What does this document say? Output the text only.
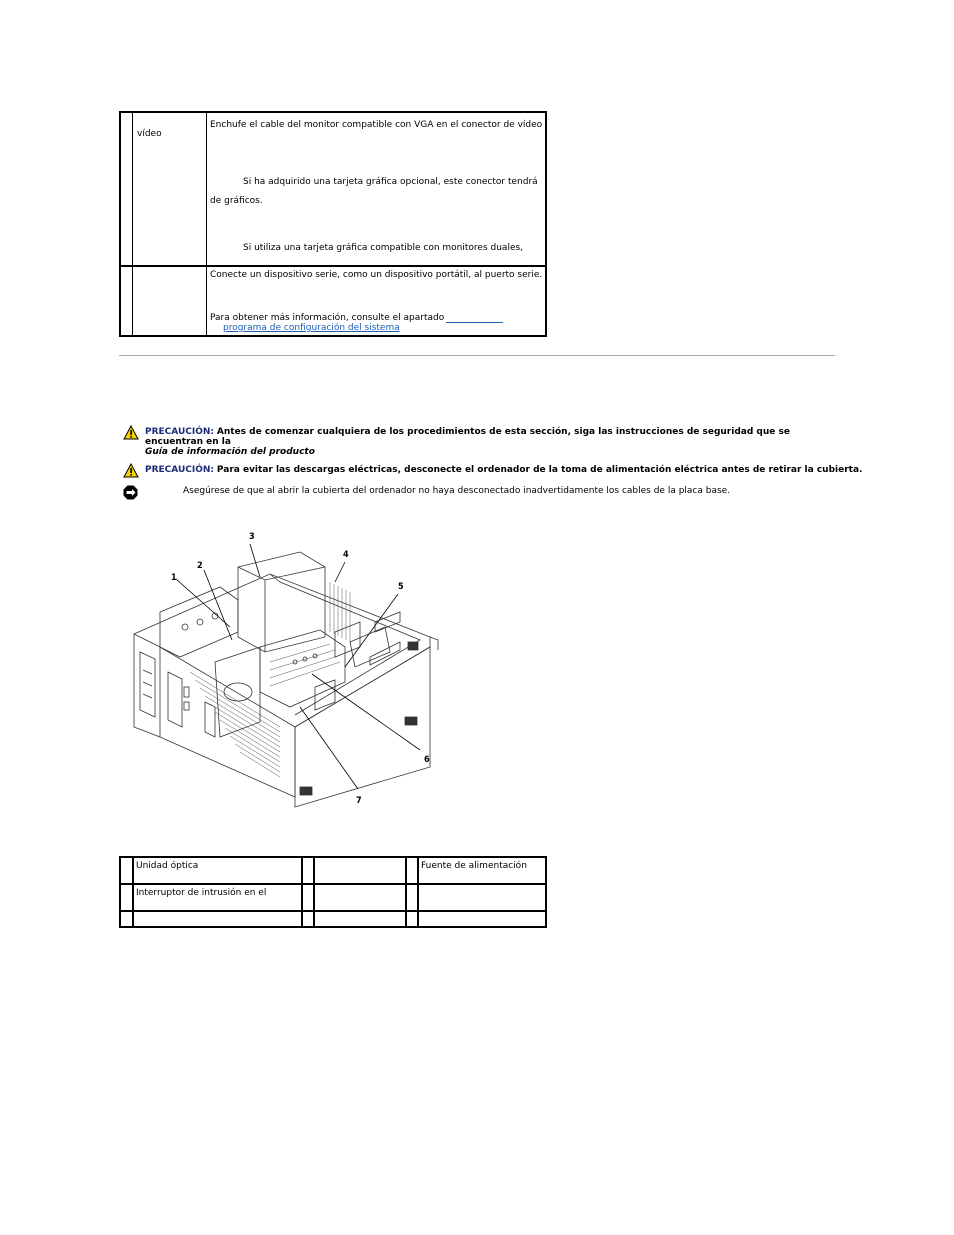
vídeo
Enchufe el cable del monitor compatible con VGA en el conector de vídeo
Si ha adquirido una tarjeta gráfica opcional, este conector tendrá
de gráficos.
Si utiliza una tarjeta gráfica compatible con monitores duales,
Conecte un dispositivo serie, como un dispositivo portátil, al puerto serie.
Para obtener más información, consulte el apartado
programa de configuración del sistema
PRECAUCIÓN: Antes de comenzar cualquiera de los procedimientos de esta sección, siga las instrucciones de seguridad que se encuentran en la
Guía de información del producto
PRECAUCIÓN: Para evitar las descargas eléctricas, desconecte el ordenador de la toma de alimentación eléctrica antes de retirar la cubierta.
Asegúrese de que al abrir la cubierta del ordenador no haya desconectado inadvertidamente los cables de la placa base.
1
2
3
4
5
6
7
Unidad óptica	Fuente de alimentación
Interruptor de intrusión en el
